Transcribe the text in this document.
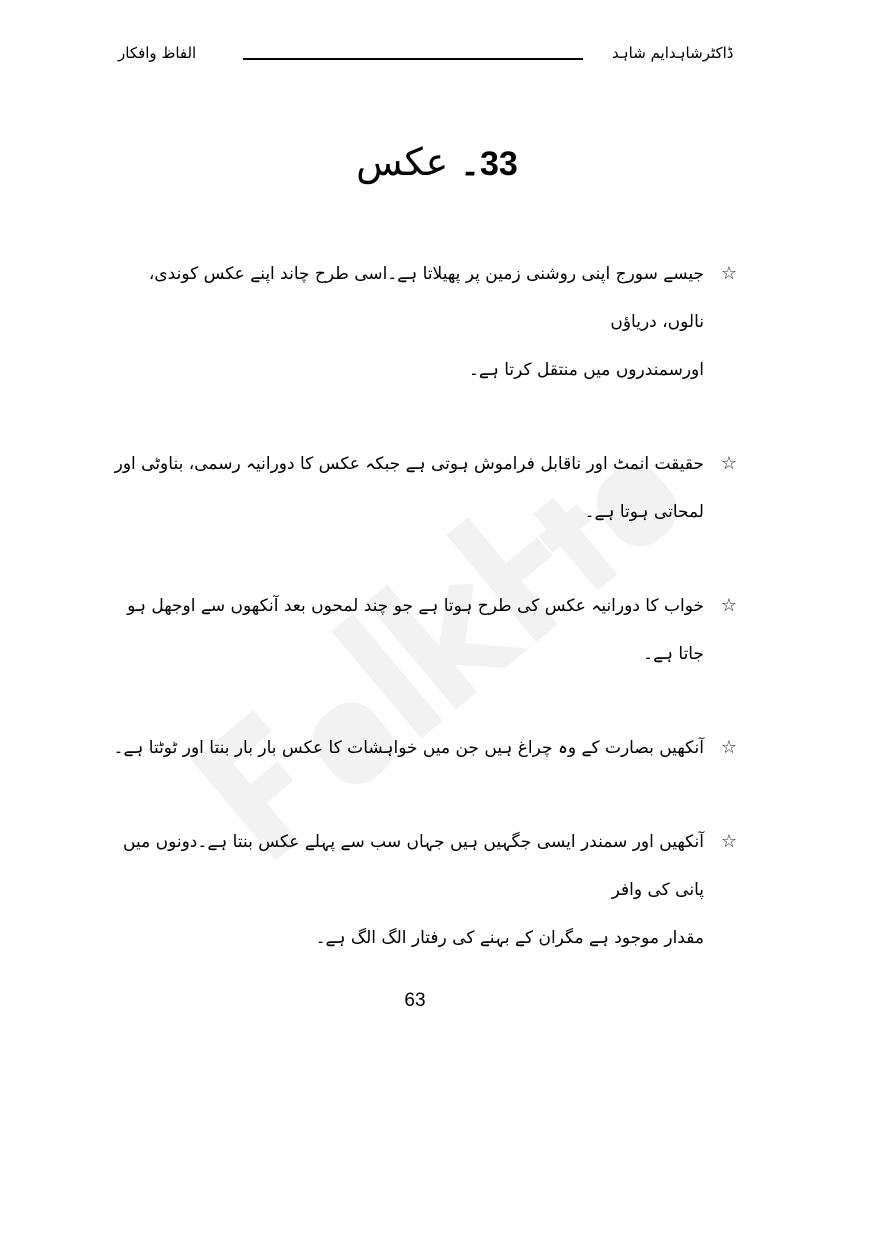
الفاظ وافکار	ڈاکٹرشاہدایم شاہد
33۔ عکس
☆
جیسے سورج اپنی روشنی زمین پر پھیلاتا ہے۔اسی طرح چاند اپنے عکس کوندی، نالوں، دریاؤں
اورسمندروں میں منتقل کرتا ہے۔
☆
حقیقت انمٹ اور ناقابل فراموش ہوتی ہے جبکہ عکس کا دورانیہ رسمی، بناوٹی اور لمحاتی ہوتا ہے۔
☆
خواب کا دورانیہ عکس کی طرح ہوتا ہے جو چند لمحوں بعد آنکھوں سے اوجھل ہو جاتا ہے۔
☆
آنکھیں بصارت کے وہ چراغ ہیں جن میں خواہشات کا عکس بار بار بنتا اور ٹوٹتا ہے۔
☆
آنکھیں اور سمندر ایسی جگہیں ہیں جہاں سب سے پہلے عکس بنتا ہے۔دونوں میں پانی کی وافر
مقدار موجود ہے مگران کے بہنے کی رفتار الگ الگ ہے۔
63
